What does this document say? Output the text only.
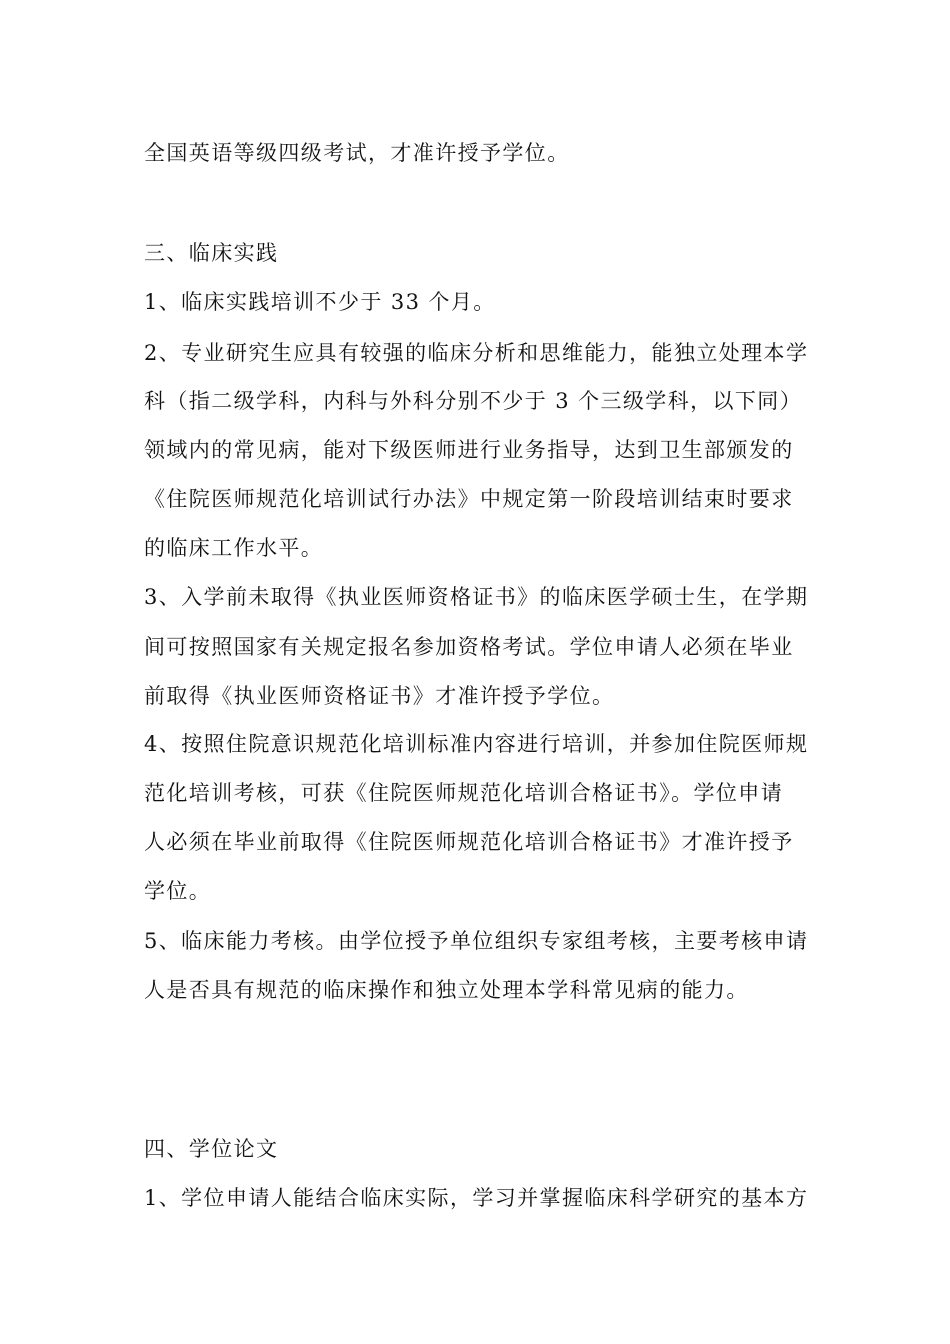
全国英语等级四级考试，才准许授予学位。

三、临床实践

1、临床实践培训不少于 33 个月。

2、专业研究生应具有较强的临床分析和思维能力，能独立处理本学

科（指二级学科，内科与外科分别不少于 3 个三级学科，以下同）

领域内的常见病，能对下级医师进行业务指导，达到卫生部颁发的

《住院医师规范化培训试行办法》中规定第一阶段培训结束时要求

的临床工作水平。

3、入学前未取得《执业医师资格证书》的临床医学硕士生，在学期

间可按照国家有关规定报名参加资格考试。学位申请人必须在毕业

前取得《执业医师资格证书》才准许授予学位。

4、按照住院意识规范化培训标准内容进行培训，并参加住院医师规

范化培训考核，可获《住院医师规范化培训合格证书》。学位申请

人必须在毕业前取得《住院医师规范化培训合格证书》才准许授予

学位。

5、临床能力考核。由学位授予单位组织专家组考核，主要考核申请

人是否具有规范的临床操作和独立处理本学科常见病的能力。

四、学位论文

1、学位申请人能结合临床实际，学习并掌握临床科学研究的基本方
